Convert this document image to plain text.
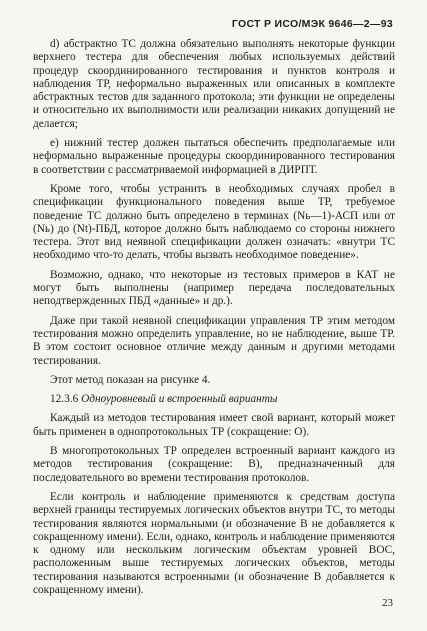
ГОСТ Р ИСО/МЭК 9646—2—93

d) абстрактно ТС должна обязательно выполнять некоторые функции верхнего тестера для обеспечения любых используемых действий процедур скоординированного тестирования и пунктов контроля и наблюдения ТР, неформально выраженных или описанных в комплекте абстрактных тестов для заданного протокола; эти функции не определены и относительно их выполнимости или реализации никаких допущений не делается;

e) нижний тестер должен пытаться обеспечить предполагаемые или неформально выраженные процедуры скоординированного тестирования в соответствии с рассматриваемой информацией в ДИРПТ.

Кроме того, чтобы устранить в необходимых случаях пробел в спецификации функционального поведения выше ТР, требуемое поведение ТС должно быть определено в терминах (Nь—1)-АСП или от (Nь) до (Nt)-ПБД, которое должно быть наблюдаемо со стороны нижнего тестера. Этот вид неявной спецификации должен означать: «внутри ТС необходимо что-то делать, чтобы вызвать необходимое поведение».

Возможно, однако, что некоторые из тестовых примеров в КАТ не могут быть выполнены (например передача последовательных неподтвержденных ПБД «данные» и др.).

Даже при такой неявной спецификации управления ТР этим методом тестирования можно определить управление, но не наблюдение, выше ТР. В этом состоит основное отличие между данным и другими методами тестирования.

Этот метод показан на рисунке 4.

12.3.6 Одноуровневый и встроенный варианты

Каждый из методов тестирования имеет свой вариант, который может быть применен в однопротокольных ТР (сокращение: О).

В многопротокольных ТР определен встроенный вариант каждого из методов тестирования (сокращение: В), предназначенный для последовательного во времени тестирования протоколов.

Если контроль и наблюдение применяются к средствам доступа верхней границы тестируемых логических объектов внутри ТС, то методы тестирования являются нормальными (и обозначение В не добавляется к сокращенному имени). Если, однако, контроль и наблюдение применяются к одному или нескольким логическим объектам уровней ВОС, расположенным выше тестируемых логических объектов, методы тестирования называются встроенными (и обозначение В добавляется к сокращенному имени).

23
